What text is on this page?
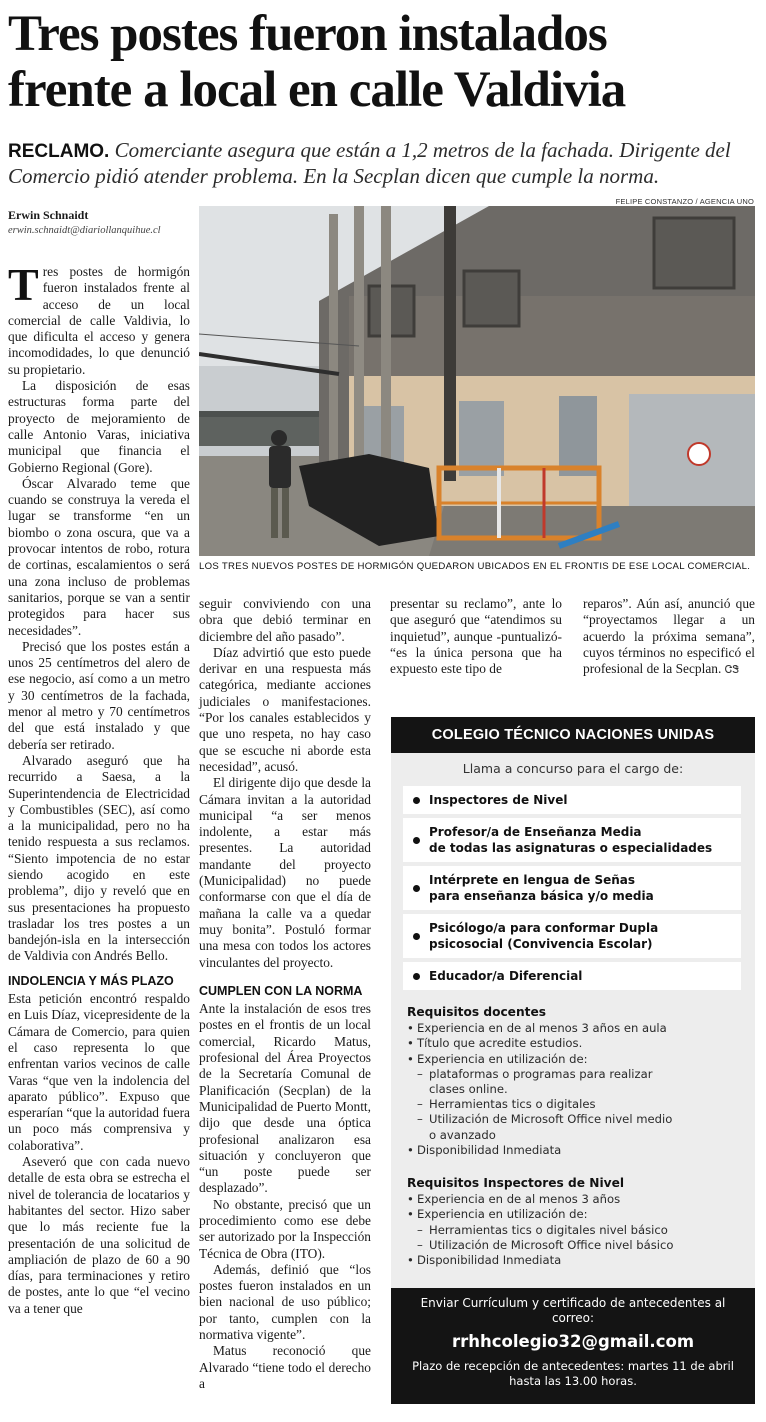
Tres postes fueron instalados
frente a local en calle Valdivia

RECLAMO. Comerciante asegura que están a 1,2 metros de la fachada. Dirigente del Comercio pidió atender problema. En la Secplan dicen que cumple la norma.

Erwin Schnaidt

erwin.schnaidt@diariollanquihue.cl

FELIPE CONSTANZO / AGENCIA UNO

LOS TRES NUEVOS POSTES DE HORMIGÓN QUEDARON UBICADOS EN EL FRONTIS DE ESE LOCAL COMERCIAL.

Tres postes de hormigón fueron instalados frente al acceso de un local comercial de calle Valdivia, lo que dificulta el acceso y genera incomodidades, lo que denunció su propietario.

La disposición de esas estructuras forma parte del proyecto de mejoramiento de calle Antonio Varas, iniciativa municipal que financia el Gobierno Regional (Gore).

Óscar Alvarado teme que cuando se construya la vereda el lugar se transforme “en un biombo o zona oscura, que va a provocar intentos de robo, rotura de cortinas, escalamientos o será una zona incluso de problemas sanitarios, porque se van a sentir protegidos para hacer sus necesidades”.

Precisó que los postes están a unos 25 centímetros del alero de ese negocio, así como a un metro y 30 centímetros de la fachada, menor al metro y 70 centímetros del que está instalado y que debería ser retirado.

Alvarado aseguró que ha recurrido a Saesa, a la Superintendencia de Electricidad y Combustibles (SEC), así como a la municipalidad, pero no ha tenido respuesta a sus reclamos. “Siento impotencia de no estar siendo acogido en este problema”, dijo y reveló que en sus presentaciones ha propuesto trasladar los tres postes a un bandejón-isla en la intersección de Valdivia con Andrés Bello.

INDOLENCIA Y MÁS PLAZO

Esta petición encontró respaldo en Luis Díaz, vicepresidente de la Cámara de Comercio, para quien el caso representa lo que enfrentan varios vecinos de calle Varas “que ven la indolencia del aparato público”. Expuso que esperarían “que la autoridad fuera un poco más comprensiva y colaborativa”.

Aseveró que con cada nuevo detalle de esta obra se estrecha el nivel de tolerancia de locatarios y habitantes del sector. Hizo saber que lo más reciente fue la presentación de una solicitud de ampliación de plazo de 60 a 90 días, para terminaciones y retiro de postes, ante lo que “el vecino va a tener que

seguir conviviendo con una obra que debió terminar en diciembre del año pasado”.

Díaz advirtió que esto puede derivar en una respuesta más categórica, mediante acciones judiciales o manifestaciones. “Por los canales establecidos y que uno respeta, no hay caso que se escuche ni aborde esta necesidad”, acusó.

El dirigente dijo que desde la Cámara invitan a la autoridad municipal “a ser menos indolente, a estar más presentes. La autoridad mandante del proyecto (Municipalidad) no puede conformarse con que el día de mañana la calle va a quedar muy bonita”. Postuló formar una mesa con todos los actores vinculantes del proyecto.

CUMPLEN CON LA NORMA

Ante la instalación de esos tres postes en el frontis de un local comercial, Ricardo Matus, profesional del Área Proyectos de la Secretaría Comunal de Planificación (Secplan) de la Municipalidad de Puerto Montt, dijo que desde una óptica profesional analizaron esa situación y concluyeron que “un poste puede ser desplazado”.

No obstante, precisó que un procedimiento como ese debe ser autorizado por la Inspección Técnica de Obra (ITO).

Además, definió que “los postes fueron instalados en un bien nacional de uso público; por tanto, cumplen con la normativa vigente”.

Matus reconoció que Alvarado “tiene todo el derecho a

presentar su reclamo”, ante lo que aseguró que “atendimos su inquietud”, aunque -puntualizó- “es la única persona que ha expuesto este tipo de

reparos”. Aún así, anunció que “proyectamos llegar a un acuerdo la próxima semana”, cuyos términos no especificó el profesional de la Secplan. ᏣᏕ

COLEGIO TÉCNICO NACIONES UNIDAS

Llama a concurso para el cargo de:

Inspectores de Nivel
Profesor/a de Enseñanza Media
de todas las asignaturas o especialidades
Intérprete en lengua de Señas
para enseñanza básica y/o media
Psicólogo/a para conformar Dupla
psicosocial (Convivencia Escolar)
Educador/a Diferencial
Requisitos docentes
• Experiencia en de al menos 3 años en aula
• Título que acredite estudios.
• Experiencia en utilización de:
– plataformas o programas para realizar
clases online.
– Herramientas tics o digitales
– Utilización de Microsoft Office nivel medio
o avanzado
• Disponibilidad Inmediata
Requisitos Inspectores de Nivel
• Experiencia en de al menos 3 años
• Experiencia en utilización de:
– Herramientas tics o digitales nivel básico
– Utilización de Microsoft Office nivel básico
• Disponibilidad Inmediata

Enviar Currículum y certificado de antecedentes al correo:

rrhhcolegio32@gmail.com

Plazo de recepción de antecedentes: martes 11 de abril hasta las 13.00 horas.
